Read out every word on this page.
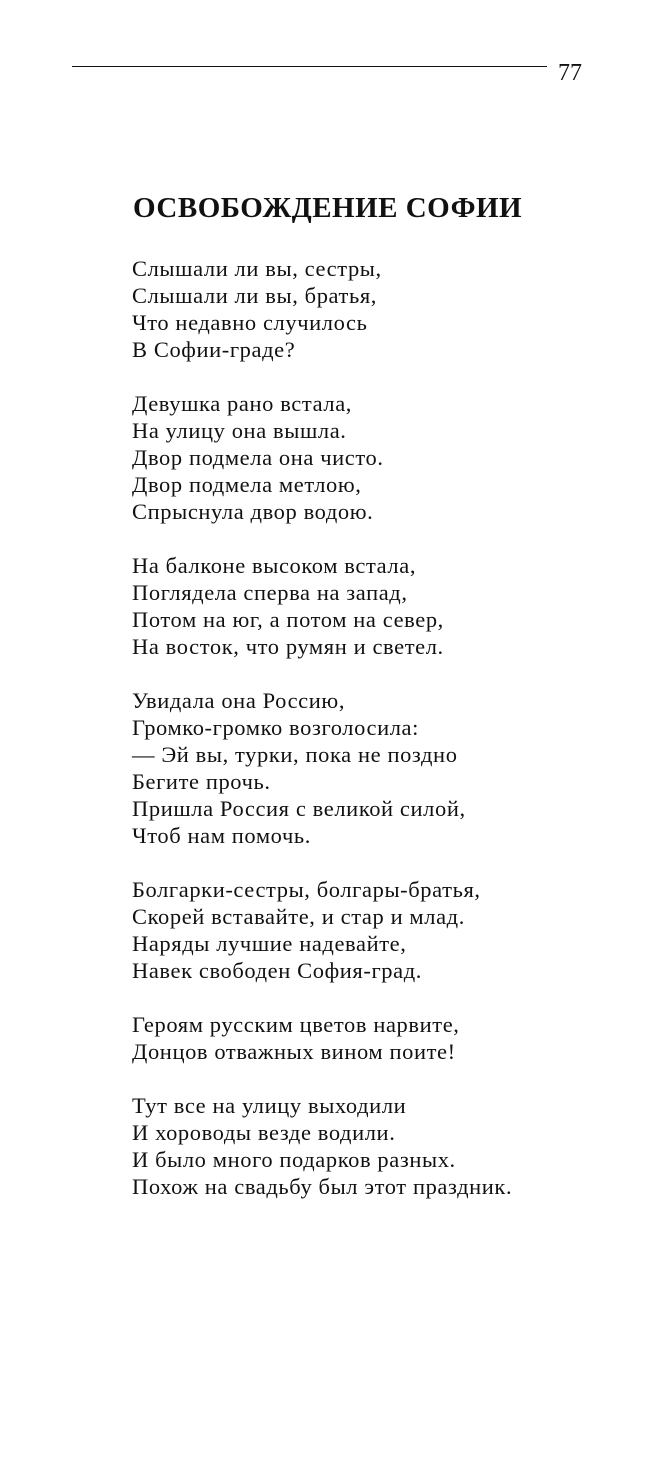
77
ОСВОБОЖДЕНИЕ СОФИИ
Слышали ли вы, сестры,
Слышали ли вы, братья,
Что недавно случилось
В Софии-граде?
Девушка рано встала,
На улицу она вышла.
Двор подмела она чисто.
Двор подмела метлою,
Спрыснула двор водою.
На балконе высоком встала,
Поглядела сперва на запад,
Потом на юг, а потом на север,
На восток, что румян и светел.
Увидала она Россию,
Громко-громко возголосила:
— Эй вы, турки, пока не поздно
Бегите прочь.
Пришла Россия с великой силой,
Чтоб нам помочь.
Болгарки-сестры, болгары-братья,
Скорей вставайте, и стар и млад.
Наряды лучшие надевайте,
Навек свободен София-град.
Героям русским цветов нарвите,
Донцов отважных вином поите!
Тут все на улицу выходили
И хороводы везде водили.
И было много подарков разных.
Похож на свадьбу был этот праздник.
